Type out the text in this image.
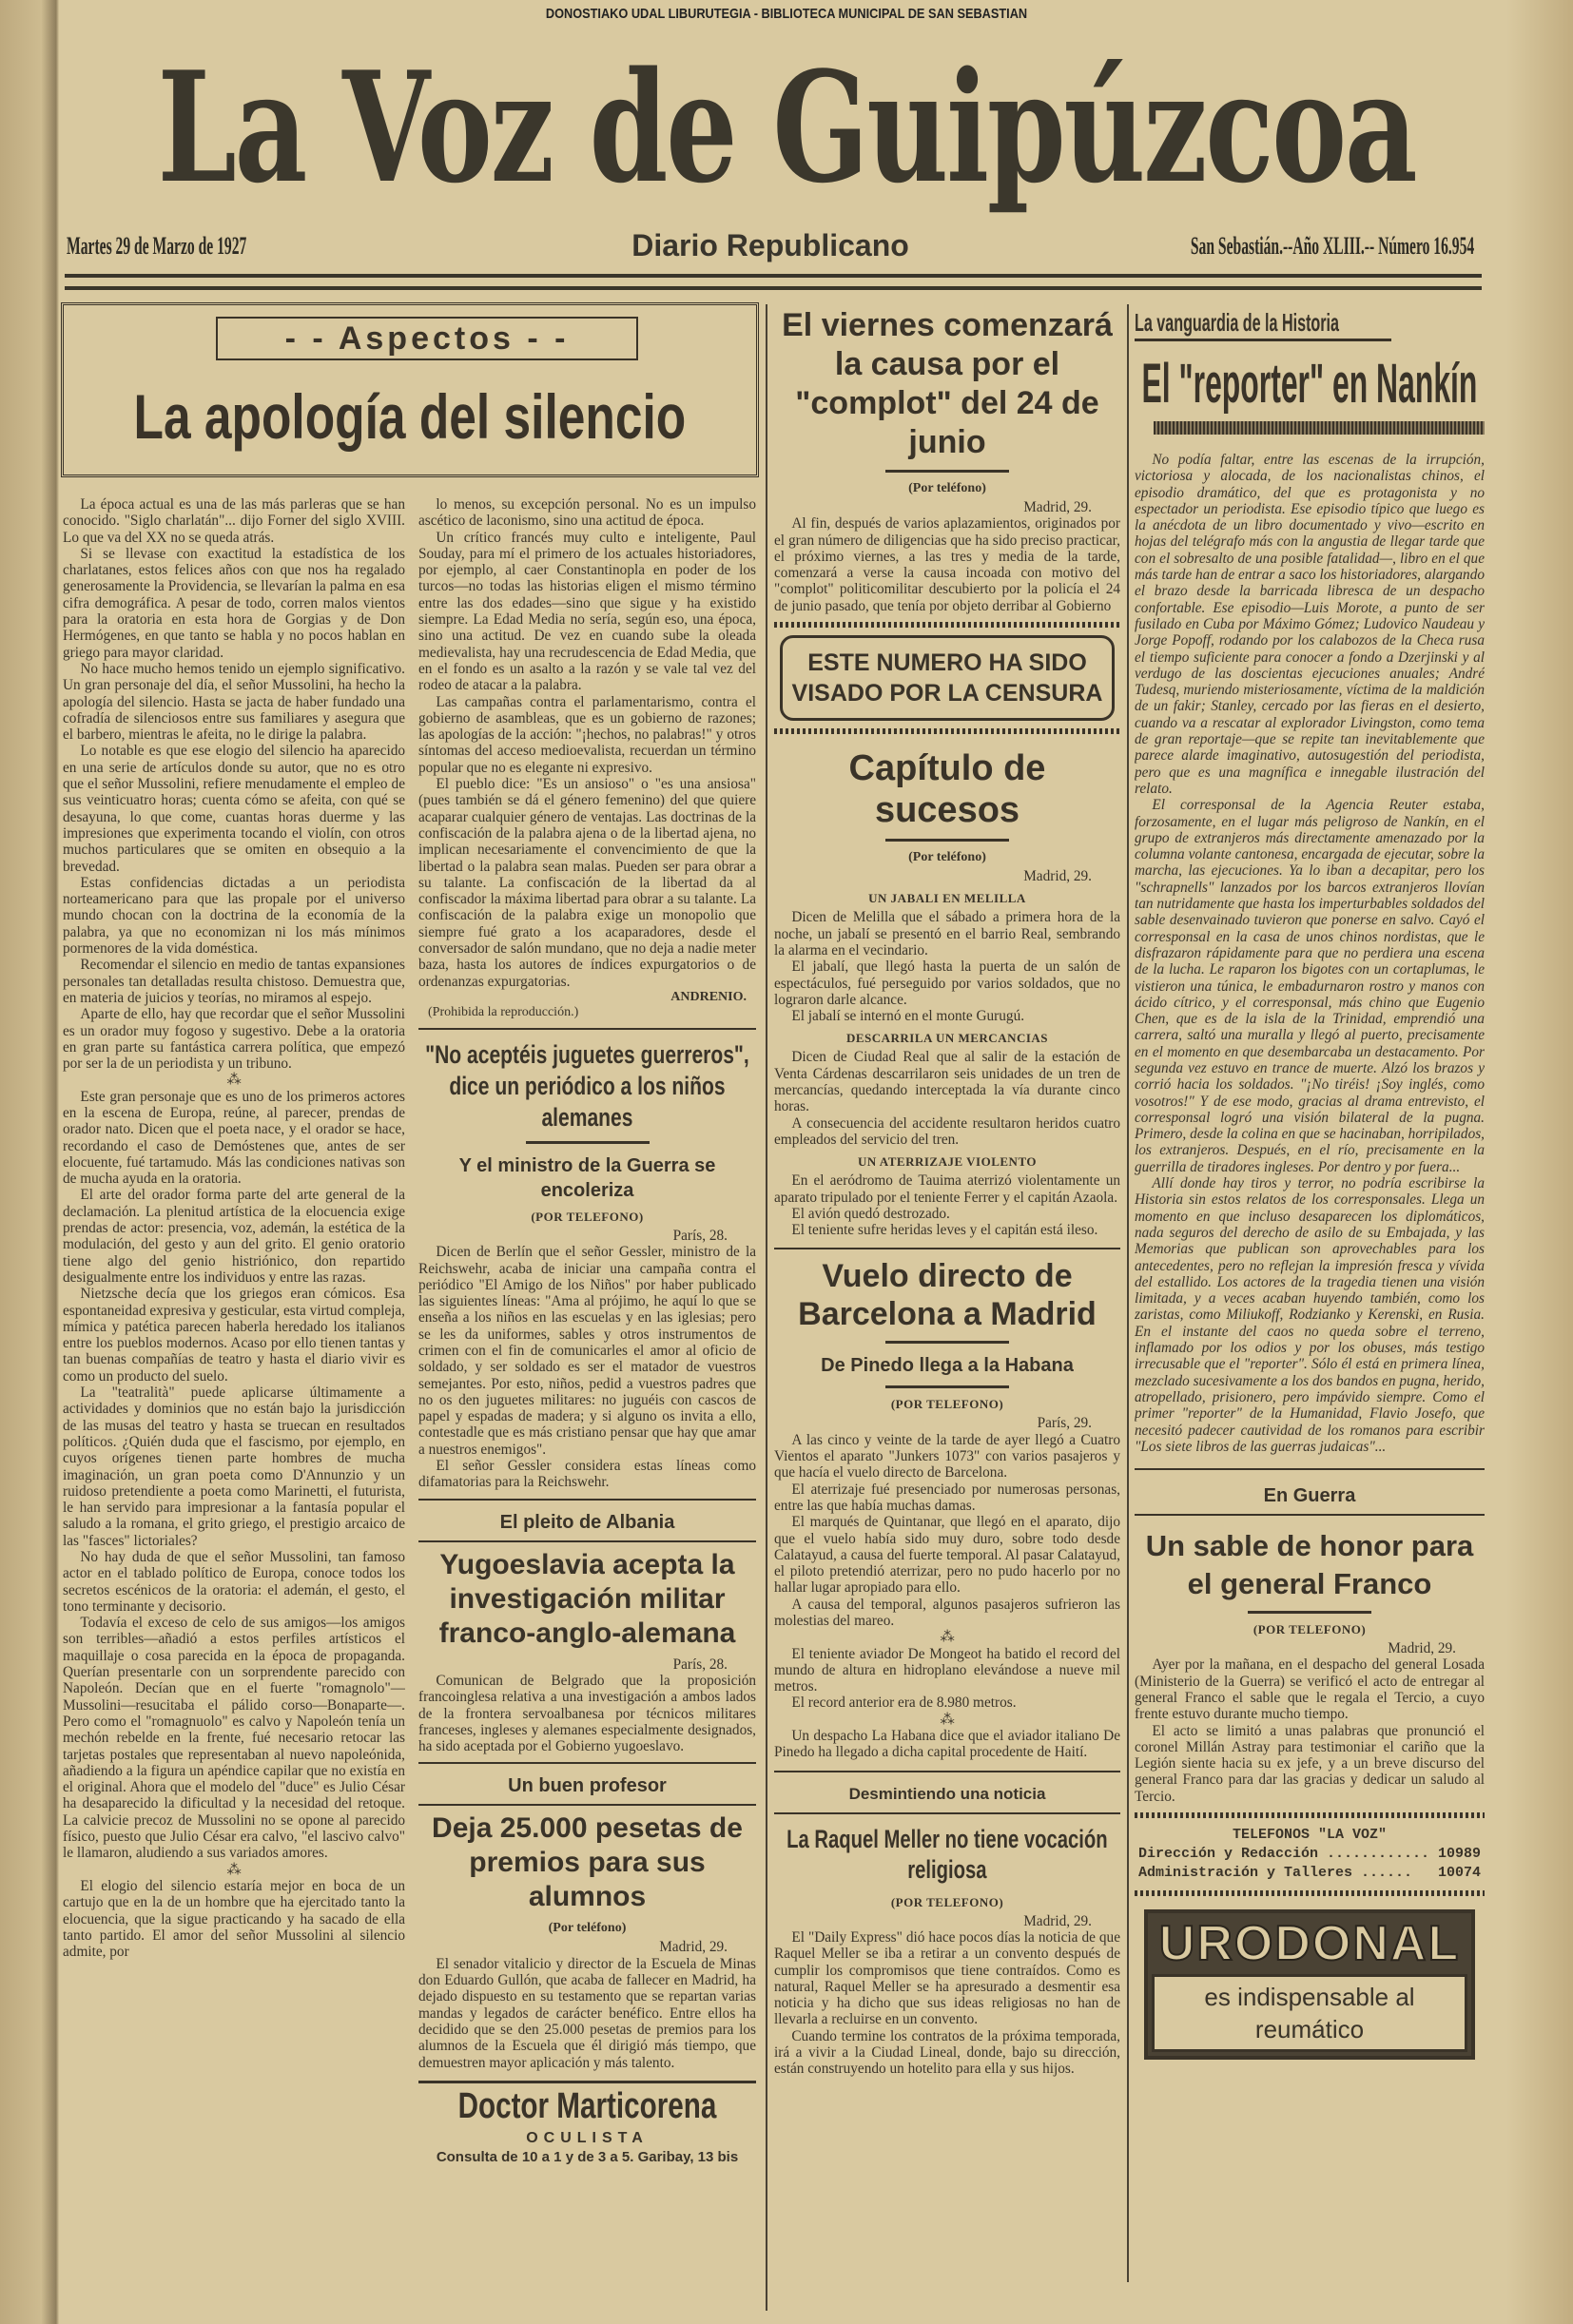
DONOSTIAKO UDAL LIBURUTEGIA - BIBLIOTECA MUNICIPAL DE SAN SEBASTIAN
La Voz de Guipúzcoa
Martes 29 de Marzo de 1927	Diario Republicano	San Sebastián.--Año XLIII.-- Número 16.954
- - Aspectos - -
La apología del silencio

La época actual es una de las más parleras que se han conocido. "Siglo charlatán"... dijo Forner del siglo XVIII. Lo que va del XX no se queda atrás.

Si se llevase con exactitud la estadística de los charlatanes, estos felices años con que nos ha regalado generosamente la Providencia, se llevarían la palma en esa cifra demográfica. A pesar de todo, corren malos vientos para la oratoria en esta hora de Gorgias y de Don Hermógenes, en que tanto se habla y no pocos hablan en griego para mayor claridad.

No hace mucho hemos tenido un ejemplo significativo. Un gran personaje del día, el señor Mussolini, ha hecho la apología del silencio. Hasta se jacta de haber fundado una cofradía de silenciosos entre sus familiares y asegura que el barbero, mientras le afeita, no le dirige la palabra.

Lo notable es que ese elogio del silencio ha aparecido en una serie de artículos donde su autor, que no es otro que el señor Mussolini, refiere menudamente el empleo de sus veinticuatro horas; cuenta cómo se afeita, con qué se desayuna, lo que come, cuantas horas duerme y las impresiones que experimenta tocando el violín, con otros muchos particulares que se omiten en obsequio a la brevedad.

Estas confidencias dictadas a un periodista norteamericano para que las propale por el universo mundo chocan con la doctrina de la economía de la palabra, ya que no economizan ni los más mínimos pormenores de la vida doméstica.

Recomendar el silencio en medio de tantas expansiones personales tan detalladas resulta chistoso. Demuestra que, en materia de juicios y teorías, no miramos al espejo.

Aparte de ello, hay que recordar que el señor Mussolini es un orador muy fogoso y sugestivo. Debe a la oratoria en gran parte su fantástica carrera política, que empezó por ser la de un periodista y un tribuno.

⁂

Este gran personaje que es uno de los primeros actores en la escena de Europa, reúne, al parecer, prendas de orador nato. Dicen que el poeta nace, y el orador se hace, recordando el caso de Demóstenes que, antes de ser elocuente, fué tartamudo. Más las condiciones nativas son de mucha ayuda en la oratoria.

El arte del orador forma parte del arte general de la declamación. La plenitud artística de la elocuencia exige prendas de actor: presencia, voz, ademán, la estética de la modulación, del gesto y aun del grito. El genio oratorio tiene algo del genio histriónico, don repartido desigualmente entre los individuos y entre las razas.

Nietzsche decía que los griegos eran cómicos. Esa espontaneidad expresiva y gesticular, esta virtud compleja, mímica y patética parecen haberla heredado los italianos entre los pueblos modernos. Acaso por ello tienen tantas y tan buenas compañías de teatro y hasta el diario vivir es como un producto del suelo.

La "teatralità" puede aplicarse últimamente a actividades y dominios que no están bajo la jurisdicción de las musas del teatro y hasta se truecan en resultados políticos. ¿Quién duda que el fascismo, por ejemplo, en cuyos orígenes tienen parte hombres de mucha imaginación, un gran poeta como D'Annunzio y un ruidoso pretendiente a poeta como Marinetti, el futurista, le han servido para impresionar a la fantasía popular el saludo a la romana, el grito griego, el prestigio arcaico de las "fasces" lictoriales?

No hay duda de que el señor Mussolini, tan famoso actor en el tablado político de Europa, conoce todos los secretos escénicos de la oratoria: el ademán, el gesto, el tono terminante y decisorio.

Todavía el exceso de celo de sus amigos—los amigos son terribles—añadió a estos perfiles artísticos el maquillaje o cosa parecida en la época de propaganda. Querían presentarle con un sorprendente parecido con Napoleón. Decían que en el fuerte "romagnolo"—Mussolini—resucitaba el pálido corso—Bonaparte—. Pero como el "romagnuolo" es calvo y Napoleón tenía un mechón rebelde en la frente, fué necesario retocar las tarjetas postales que representaban al nuevo napoleónida, añadiendo a la figura un apéndice capilar que no existía en el original. Ahora que el modelo del "duce" es Julio César ha desaparecido la dificultad y la necesidad del retoque. La calvicie precoz de Mussolini no se opone al parecido físico, puesto que Julio César era calvo, "el lascivo calvo" le llamaron, aludiendo a sus variados amores.

⁂

El elogio del silencio estaría mejor en boca de un cartujo que en la de un hombre que ha ejercitado tanto la elocuencia, que la sigue practicando y ha sacado de ella tanto partido. El amor del señor Mussolini al silencio admite, por

lo menos, su excepción personal. No es un impulso ascético de laconismo, sino una actitud de época.

Un crítico francés muy culto e inteligente, Paul Souday, para mí el primero de los actuales historiadores, por ejemplo, al caer Constantinopla en poder de los turcos—no todas las historias eligen el mismo término entre las dos edades—sino que sigue y ha existido siempre. La Edad Media no sería, según eso, una época, sino una actitud. De vez en cuando sube la oleada medievalista, hay una recrudescencia de Edad Media, que en el fondo es un asalto a la razón y se vale tal vez del rodeo de atacar a la palabra.

Las campañas contra el parlamentarismo, contra el gobierno de asambleas, que es un gobierno de razones; las apologías de la acción: "¡hechos, no palabras!" y otros síntomas del acceso medioevalista, recuerdan un término popular que no es elegante ni expresivo.

El pueblo dice: "Es un ansioso" o "es una ansiosa" (pues también se dá el género femenino) del que quiere acaparar cualquier género de ventajas. Las doctrinas de la confiscación de la palabra ajena o de la libertad ajena, no implican necesariamente el convencimiento de que la libertad o la palabra sean malas. Pueden ser para obrar a su talante. La confiscación de la libertad da al confiscador la máxima libertad para obrar a su talante. La confiscación de la palabra exige un monopolio que siempre fué grato a los acaparadores, desde el conversador de salón mundano, que no deja a nadie meter baza, hasta los autores de índices expurgatorios o de ordenanzas expurgatorias.

ANDRENIO.
(Prohibida la reproducción.)
"No aceptéis juguetes guerreros", dice un periódico a los niños alemanes
Y el ministro de la Guerra se encoleriza
(POR TELEFONO)
París, 28.

Dicen de Berlín que el señor Gessler, ministro de la Reichswehr, acaba de iniciar una campaña contra el periódico "El Amigo de los Niños" por haber publicado las siguientes líneas: "Ama al prójimo, he aquí lo que se enseña a los niños en las escuelas y en las iglesias; pero se les da uniformes, sables y otros instrumentos de crimen con el fin de comunicarles el amor al oficio de soldado, y ser soldado es ser el matador de vuestros semejantes. Por esto, niños, pedid a vuestros padres que no os den juguetes militares: no juguéis con cascos de papel y espadas de madera; y si alguno os invita a ello, contestadle que es más cristiano pensar que hay que amar a nuestros enemigos".

El señor Gessler considera estas líneas como difamatorias para la Reichswehr.

El pleito de Albania
Yugoeslavia acepta la investigación militar franco-anglo-alemana
París, 28.

Comunican de Belgrado que la proposición francoinglesa relativa a una investigación a ambos lados de la frontera servoalbanesa por técnicos militares franceses, ingleses y alemanes especialmente designados, ha sido aceptada por el Gobierno yugoeslavo.

Un buen profesor
Deja 25.000 pesetas de premios para sus alumnos
(Por teléfono)
Madrid, 29.

El senador vitalicio y director de la Escuela de Minas don Eduardo Gullón, que acaba de fallecer en Madrid, ha dejado dispuesto en su testamento que se repartan varias mandas y legados de carácter benéfico. Entre ellos ha decidido que se den 25.000 pesetas de premios para los alumnos de la Escuela que él dirigió más tiempo, que demuestren mayor aplicación y más talento.

Doctor Marticorena
OCULISTA
Consulta de 10 a 1 y de 3 a 5. Garibay, 13 bis
El viernes comenzará la causa por el "complot" del 24 de junio
(Por teléfono)
Madrid, 29.

Al fin, después de varios aplazamientos, originados por el gran número de diligencias que ha sido preciso practicar, el próximo viernes, a las tres y media de la tarde, comenzará a verse la causa incoada con motivo del "complot" politicomilitar descubierto por la policía el 24 de junio pasado, que tenía por objeto derribar al Gobierno

ESTE NUMERO HA SIDO
VISADO POR LA CENSURA
Capítulo de sucesos
(Por teléfono)
Madrid, 29.
UN JABALI EN MELILLA

Dicen de Melilla que el sábado a primera hora de la noche, un jabalí se presentó en el barrio Real, sembrando la alarma en el vecindario.

El jabalí, que llegó hasta la puerta de un salón de espectáculos, fué perseguido por varios soldados, que no lograron darle alcance.

El jabalí se internó en el monte Gurugú.

DESCARRILA UN MERCANCIAS

Dicen de Ciudad Real que al salir de la estación de Venta Cárdenas descarrilaron seis unidades de un tren de mercancías, quedando interceptada la vía durante cinco horas.

A consecuencia del accidente resultaron heridos cuatro empleados del servicio del tren.

UN ATERRIZAJE VIOLENTO

En el aeródromo de Tauima aterrizó violentamente un aparato tripulado por el teniente Ferrer y el capitán Azaola.

El avión quedó destrozado.

El teniente sufre heridas leves y el capitán está ileso.

Vuelo directo de Barcelona a Madrid
De Pinedo llega a la Habana
(POR TELEFONO)
París, 29.

A las cinco y veinte de la tarde de ayer llegó a Cuatro Vientos el aparato "Junkers 1073" con varios pasajeros y que hacía el vuelo directo de Barcelona.

El aterrizaje fué presenciado por numerosas personas, entre las que había muchas damas.

El marqués de Quintanar, que llegó en el aparato, dijo que el vuelo había sido muy duro, sobre todo desde Calatayud, a causa del fuerte temporal. Al pasar Calatayud, el piloto pretendió aterrizar, pero no pudo hacerlo por no hallar lugar apropiado para ello.

A causa del temporal, algunos pasajeros sufrieron las molestias del mareo.

⁂

El teniente aviador De Mongeot ha batido el record del mundo de altura en hidroplano elevándose a nueve mil metros.

El record anterior era de 8.980 metros.

⁂

Un despacho La Habana dice que el aviador italiano De Pinedo ha llegado a dicha capital procedente de Haití.

Desmintiendo una noticia
La Raquel Meller no tiene vocación religiosa
(POR TELEFONO)
Madrid, 29.

El "Daily Express" dió hace pocos días la noticia de que Raquel Meller se iba a retirar a un convento después de cumplir los compromisos que tiene contraídos. Como es natural, Raquel Meller se ha apresurado a desmentir esa noticia y ha dicho que sus ideas religiosas no han de llevarla a recluirse en un convento.

Cuando termine los contratos de la próxima temporada, irá a vivir a la Ciudad Lineal, donde, bajo su dirección, están construyendo un hotelito para ella y sus hijos.

La vanguardia de la Historia
El "reporter" en Nankín

No podía faltar, entre las escenas de la irrupción, victoriosa y alocada, de los nacionalistas chinos, el episodio dramático, del que es protagonista y no espectador un periodista. Ese episodio típico que luego es la anécdota de un libro documentado y vivo—escrito en hojas del telégrafo más con la angustia de llegar tarde que con el sobresalto de una posible fatalidad—, libro en el que más tarde han de entrar a saco los historiadores, alargando el brazo desde la barricada libresca de un despacho confortable. Ese episodio—Luis Morote, a punto de ser fusilado en Cuba por Máximo Gómez; Ludovico Naudeau y Jorge Popoff, rodando por los calabozos de la Checa rusa el tiempo suficiente para conocer a fondo a Dzerjinski y al verdugo de las doscientas ejecuciones anuales; André Tudesq, muriendo misteriosamente, víctima de la maldición de un fakir; Stanley, cercado por las fieras en el desierto, cuando va a rescatar al explorador Livingston, como tema de gran reportaje—que se repite tan inevitablemente que parece alarde imaginativo, autosugestión del periodista, pero que es una magnífica e innegable ilustración del relato.

El corresponsal de la Agencia Reuter estaba, forzosamente, en el lugar más peligroso de Nankín, en el grupo de extranjeros más directamente amenazado por la columna volante cantonesa, encargada de ejecutar, sobre la marcha, las ejecuciones. Ya lo iban a decapitar, pero los "schrapnells" lanzados por los barcos extranjeros llovían tan nutridamente que hasta los imperturbables soldados del sable desenvainado tuvieron que ponerse en salvo. Cayó el corresponsal en la casa de unos chinos nordistas, que le disfrazaron rápidamente para que no perdiera una escena de la lucha. Le raparon los bigotes con un cortaplumas, le vistieron una túnica, le embadurnaron rostro y manos con ácido cítrico, y el corresponsal, más chino que Eugenio Chen, que es de la isla de la Trinidad, emprendió una carrera, saltó una muralla y llegó al puerto, precisamente en el momento en que desembarcaba un destacamento. Por segunda vez estuvo en trance de muerte. Alzó los brazos y corrió hacia los soldados. "¡No tiréis! ¡Soy inglés, como vosotros!" Y de ese modo, gracias al drama entrevisto, el corresponsal logró una visión bilateral de la pugna. Primero, desde la colina en que se hacinaban, horripilados, los extranjeros. Después, en el río, precisamente en la guerrilla de tiradores ingleses. Por dentro y por fuera...

Allí donde hay tiros y terror, no podría escribirse la Historia sin estos relatos de los corresponsales. Llega un momento en que incluso desaparecen los diplomáticos, nada seguros del derecho de asilo de su Embajada, y las Memorias que publican son aprovechables para los antecedentes, pero no reflejan la impresión fresca y vívida del estallido. Los actores de la tragedia tienen una visión limitada, y a veces acaban huyendo también, como los zaristas, como Miliukoff, Rodzianko y Kerenski, en Rusia. En el instante del caos no queda sobre el terreno, inflamado por los odios y por los obuses, más testigo irrecusable que el "reporter". Sólo él está en primera línea, mezclado sucesivamente a los dos bandos en pugna, herido, atropellado, prisionero, pero impávido siempre. Como el primer "reporter" de la Humanidad, Flavio Josefo, que necesitó padecer cautividad de los romanos para escribir "Los siete libros de las guerras judaicas"...

En Guerra
Un sable de honor para el general Franco
(POR TELEFONO)
Madrid, 29.

Ayer por la mañana, en el despacho del general Losada (Ministerio de la Guerra) se verificó el acto de entregar al general Franco el sable que le regala el Tercio, a cuyo frente estuvo durante mucho tiempo.

El acto se limitó a unas palabras que pronunció el coronel Millán Astray para testimoniar el cariño que la Legión siente hacia su ex jefe, y a un breve discurso del general Franco para dar las gracias y dedicar un saludo al Tercio.

TELEFONOS "LA VOZ"
Dirección y Redacción ............ 10989
Administración y Talleres ...... 10074
URODONAL
es indispensable al reumático
